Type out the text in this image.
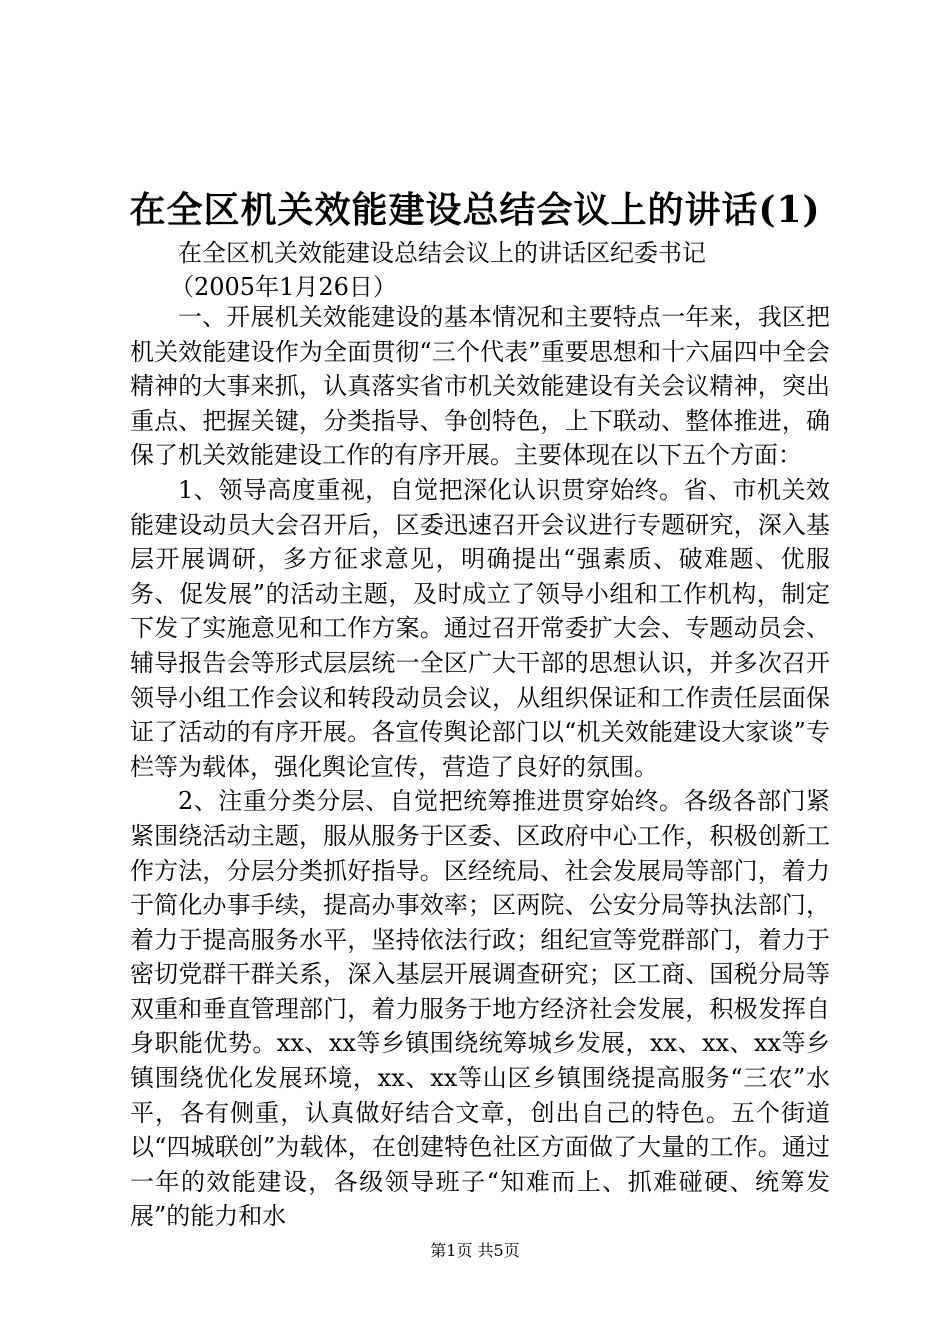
在全区机关效能建设总结会议上的讲话(1)
在全区机关效能建设总结会议上的讲话区纪委书记
（2005年1月26日）

一、开展机关效能建设的基本情况和主要特点一年来，我区把机关效能建设作为全面贯彻“三个代表”重要思想和十六届四中全会精神的大事来抓，认真落实省市机关效能建设有关会议精神，突出重点、把握关键，分类指导、争创特色，上下联动、整体推进，确保了机关效能建设工作的有序开展。主要体现在以下五个方面：

1、领导高度重视，自觉把深化认识贯穿始终。省、市机关效能建设动员大会召开后，区委迅速召开会议进行专题研究，深入基层开展调研，多方征求意见，明确提出“强素质、破难题、优服务、促发展”的活动主题，及时成立了领导小组和工作机构，制定下发了实施意见和工作方案。通过召开常委扩大会、专题动员会、辅导报告会等形式层层统一全区广大干部的思想认识，并多次召开领导小组工作会议和转段动员会议，从组织保证和工作责任层面保证了活动的有序开展。各宣传舆论部门以“机关效能建设大家谈”专栏等为载体，强化舆论宣传，营造了良好的氛围。

2、注重分类分层、自觉把统筹推进贯穿始终。各级各部门紧紧围绕活动主题，服从服务于区委、区政府中心工作，积极创新工作方法，分层分类抓好指导。区经统局、社会发展局等部门，着力于简化办事手续，提高办事效率；区两院、公安分局等执法部门，着力于提高服务水平，坚持依法行政；组纪宣等党群部门，着力于密切党群干群关系，深入基层开展调查研究；区工商、国税分局等双重和垂直管理部门，着力服务于地方经济社会发展，积极发挥自身职能优势。xx、xx等乡镇围绕统筹城乡发展，xx、xx、xx等乡镇围绕优化发展环境，xx、xx等山区乡镇围绕提高服务“三农”水平，各有侧重，认真做好结合文章，创出自己的特色。五个街道以“四城联创”为载体，在创建特色社区方面做了大量的工作。通过一年的效能建设，各级领导班子“知难而上、抓难碰硬、统筹发展”的能力和水

第1页 共5页
